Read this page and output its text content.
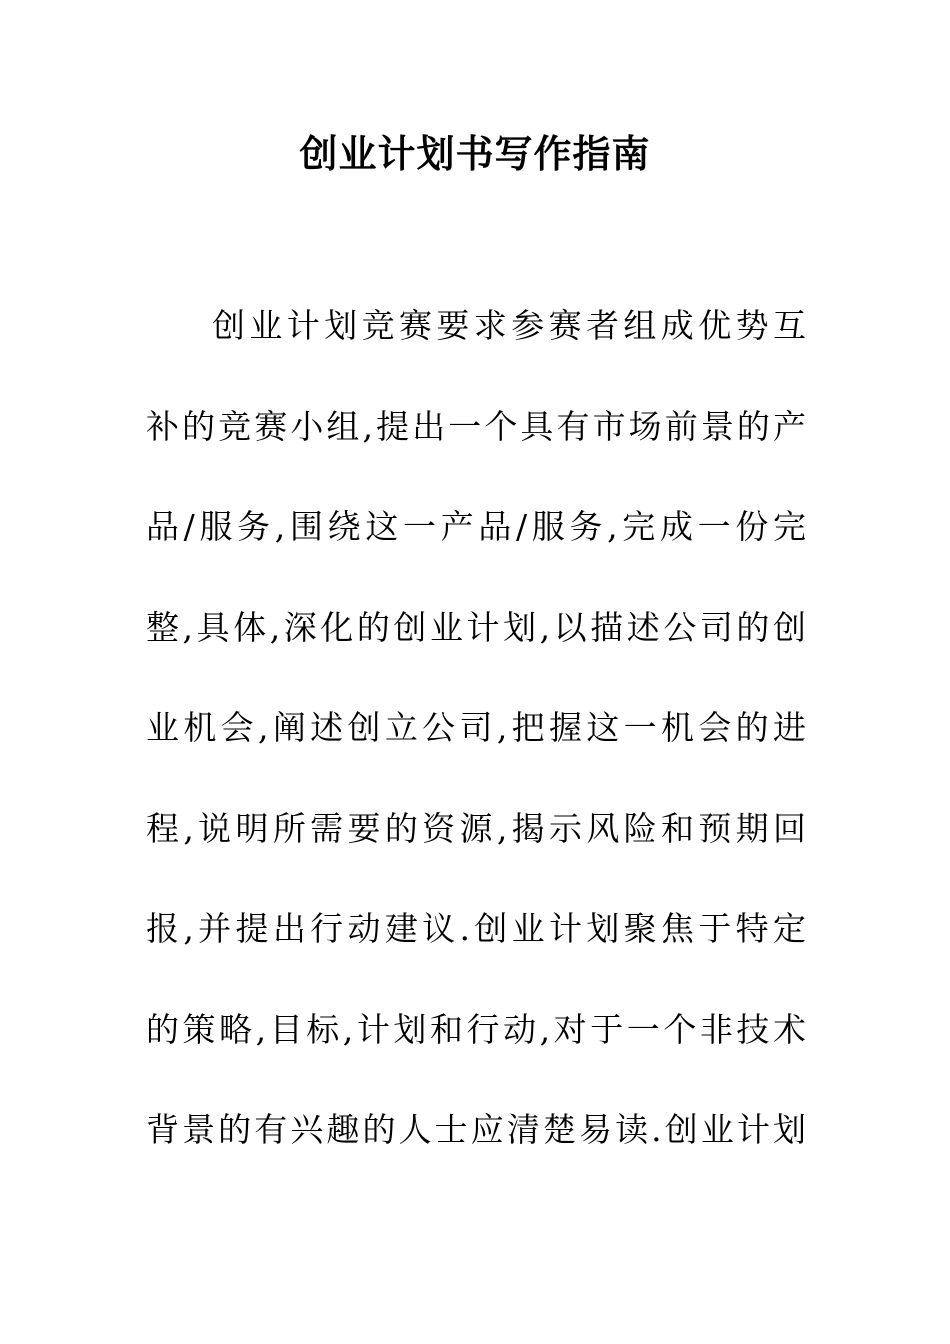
创业计划书写作指南
创业计划竞赛要求参赛者组成优势互
补的竞赛小组,提出一个具有市场前景的产
品/服务,围绕这一产品/服务,完成一份完
整,具体,深化的创业计划,以描述公司的创
业机会,阐述创立公司,把握这一机会的进
程,说明所需要的资源,揭示风险和预期回
报,并提出行动建议.创业计划聚焦于特定
的策略,目标,计划和行动,对于一个非技术
背景的有兴趣的人士应清楚易读.创业计划
